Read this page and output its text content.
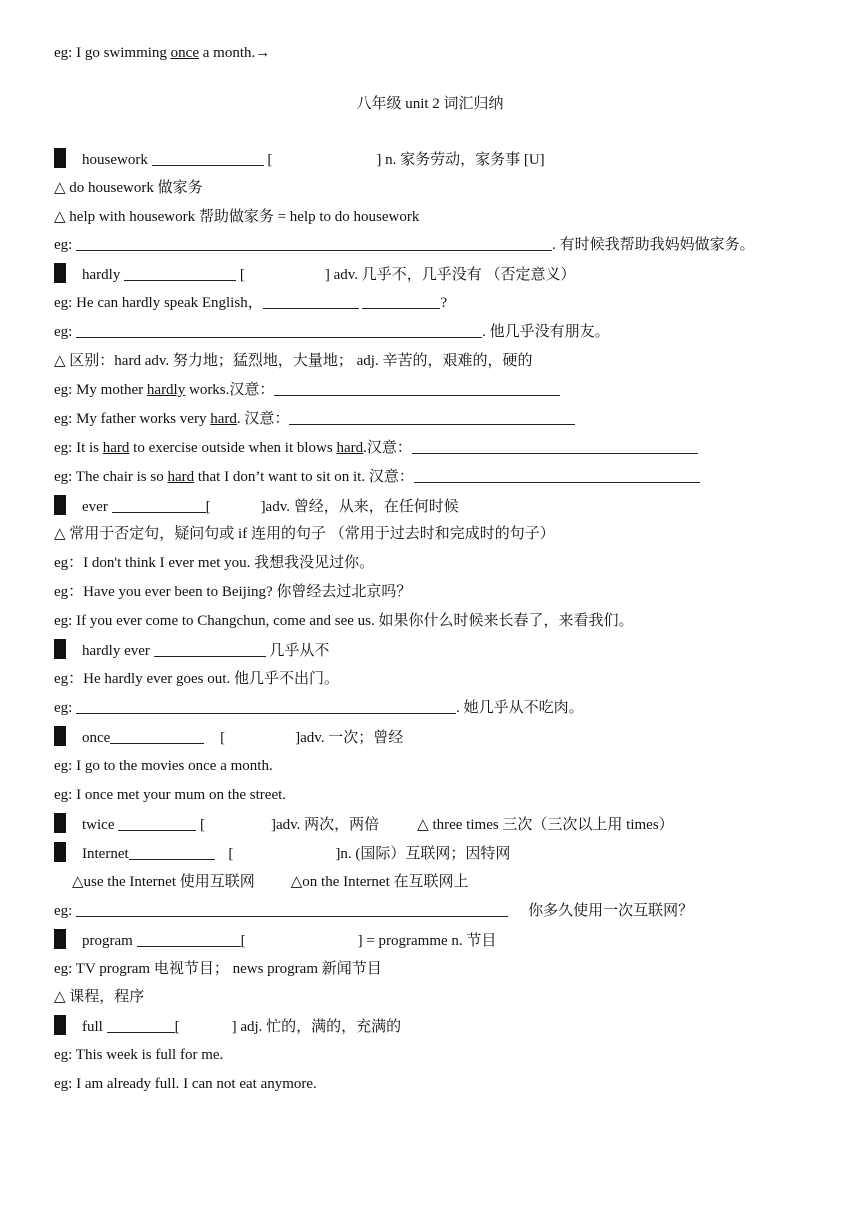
eg: I go swimming once a month.→
八年级 unit 2 词汇归纳
housework	[	] n. 家务劳动，家务事 [U]
△ do housework 做家务
△ help with housework 帮助做家务 = help to do housework
eg:	. 有时候我帮助我妈妈做家务。
hardly	[	] adv. 几乎不，几乎没有 （否定意义）
eg: He can hardly speak English，	?
eg:	. 他几乎没有朋友。
△ 区别：hard adv. 努力地；猛烈地，大量地； adj. 辛苦的，艰难的，硬的
eg: My mother hardly works.汉意：
eg: My father works very hard. 汉意：
eg: It is hard to exercise outside when it blows hard.汉意：
eg: The chair is so hard that I don’t want to sit on it. 汉意：
ever	[	]adv. 曾经，从来，在任何时候
△ 常用于否定句，疑问句或 if 连用的句子 （常用于过去时和完成时的句子）
eg：I don't think I ever met you. 我想我没见过你。
eg：Have you ever been to Beijing? 你曾经去过北京吗？
eg: If you ever come to Changchun, come and see us. 如果你什么时候来长春了，来看我们。
hardly ever	几乎从不
eg：He hardly ever goes out. 他几乎不出门。
eg:	. 她几乎从不吃肉。
once	[	]adv. 一次；曾经
eg: I go to the movies once a month.
eg: I once met your mum on the street.
twice	[	]adv. 两次，两倍	△ three times 三次（三次以上用 times）
Internet	[	]n. (国际）互联网；因特网
△use the Internet 使用互联网 △on the Internet 在互联网上
eg:	你多久使用一次互联网？
program	[	] = programme n. 节目
eg: TV program 电视节目； news program 新闻节目
△ 课程，程序
full	[	] adj. 忙的，满的，充满的
eg: This week is full for me.
eg: I am already full. I can not eat anymore.
